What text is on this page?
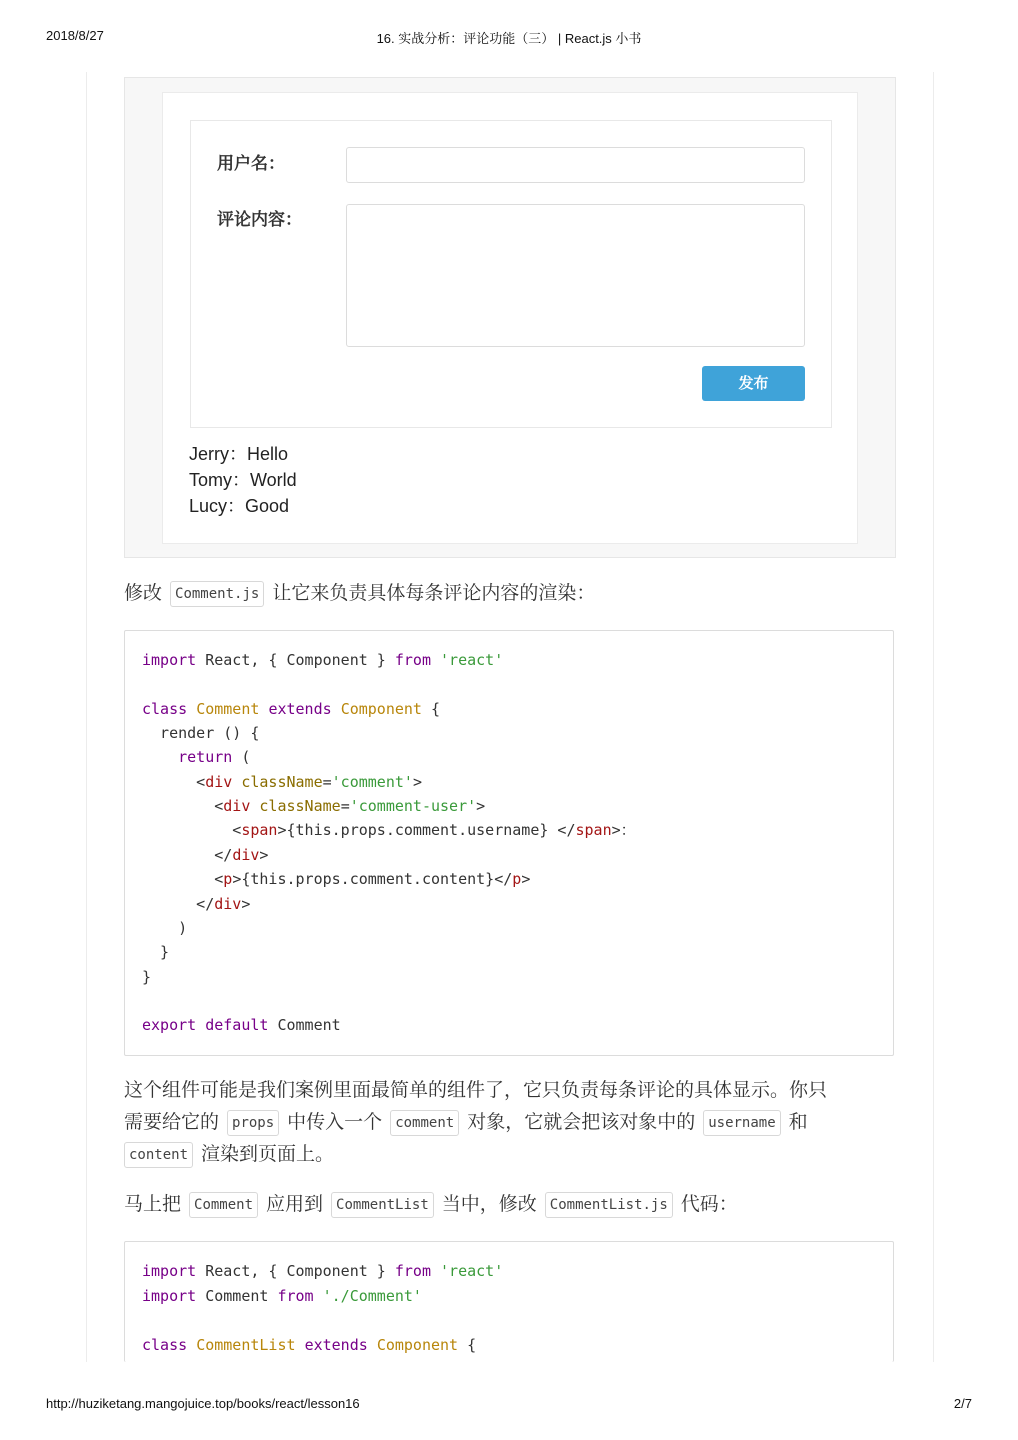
2018/8/27	16. 实战分析：评论功能（三） | React.js 小书
用户名：
评论内容：
发布
Jerry：Hello
Tomy：World
Lucy：Good
修改 Comment.js 让它来负责具体每条评论内容的渲染：
import React, { Component } from 'react'
class Comment extends Component {
render () {
return (
<div className='comment'>
<div className='comment-user'>
<span>{this.props.comment.username} </span>：
</div>
<p>{this.props.comment.content}</p>
</div>
)
}
}
export default Comment
这个组件可能是我们案例里面最简单的组件了，它只负责每条评论的具体显示。你只
需要给它的 props 中传入一个 comment 对象，它就会把该对象中的 username 和
content 渲染到页面上。
马上把 Comment 应用到 CommentList 当中，修改 CommentList.js 代码：
import React, { Component } from 'react'
import Comment from './Comment'
class CommentList extends Component {
http://huziketang.mangojuice.top/books/react/lesson16	2/7
